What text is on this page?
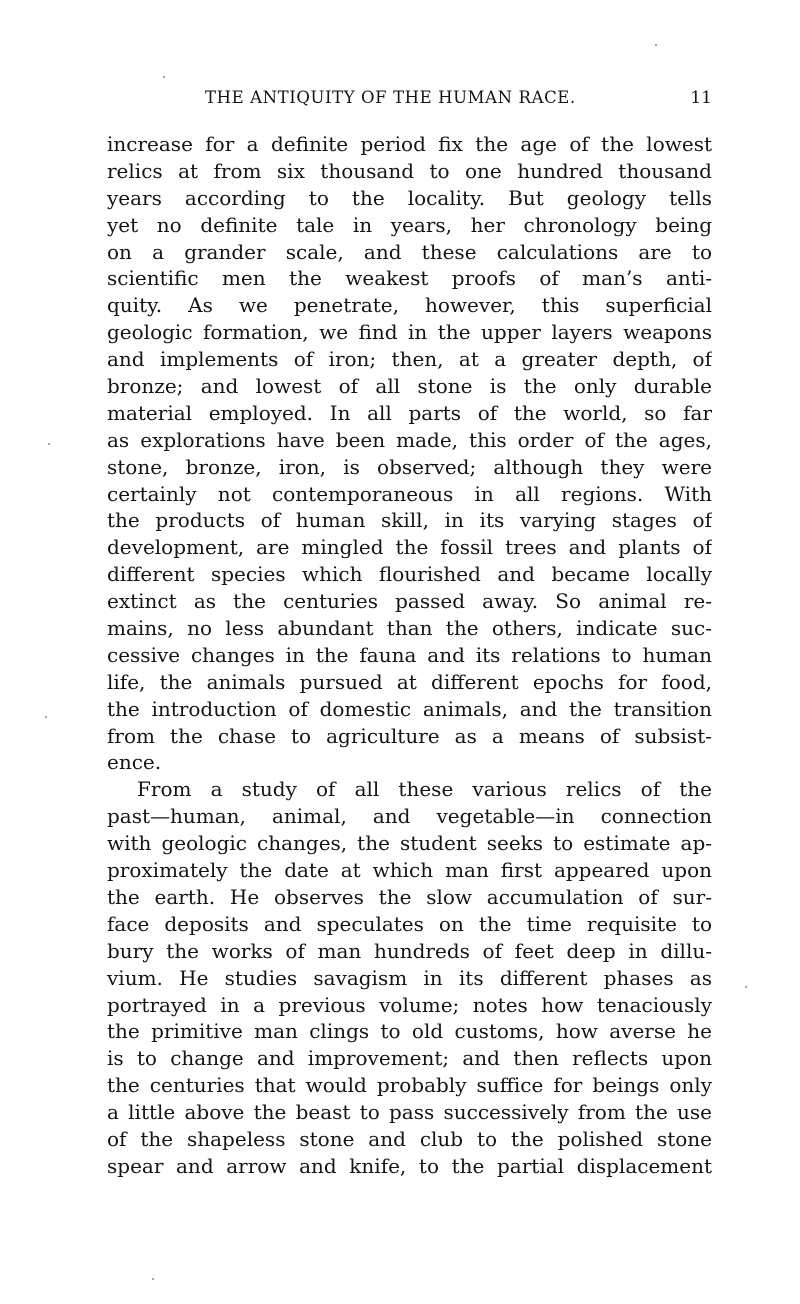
THE ANTIQUITY OF THE HUMAN RACE.	11
increase for a definite period fix the age of the lowest
relics at from six thousand to one hundred thousand
years according to the locality. But geology tells
yet no definite tale in years, her chronology being
on a grander scale, and these calculations are to
scientific men the weakest proofs of man’s anti-
quity. As we penetrate, however, this superficial
geologic formation, we find in the upper layers weapons
and implements of iron; then, at a greater depth, of
bronze; and lowest of all stone is the only durable
material employed. In all parts of the world, so far
as explorations have been made, this order of the ages,
stone, bronze, iron, is observed; although they were
certainly not contemporaneous in all regions. With
the products of human skill, in its varying stages of
development, are mingled the fossil trees and plants of
different species which flourished and became locally
extinct as the centuries passed away. So animal re-
mains, no less abundant than the others, indicate suc-
cessive changes in the fauna and its relations to human
life, the animals pursued at different epochs for food,
the introduction of domestic animals, and the transition
from the chase to agriculture as a means of subsist-
ence.
From a study of all these various relics of the
past—human, animal, and vegetable—in connection
with geologic changes, the student seeks to estimate ap-
proximately the date at which man first appeared upon
the earth. He observes the slow accumulation of sur-
face deposits and speculates on the time requisite to
bury the works of man hundreds of feet deep in dillu-
vium. He studies savagism in its different phases as
portrayed in a previous volume; notes how tenaciously
the primitive man clings to old customs, how averse he
is to change and improvement; and then reflects upon
the centuries that would probably suffice for beings only
a little above the beast to pass successively from the use
of the shapeless stone and club to the polished stone
spear and arrow and knife, to the partial displacement
